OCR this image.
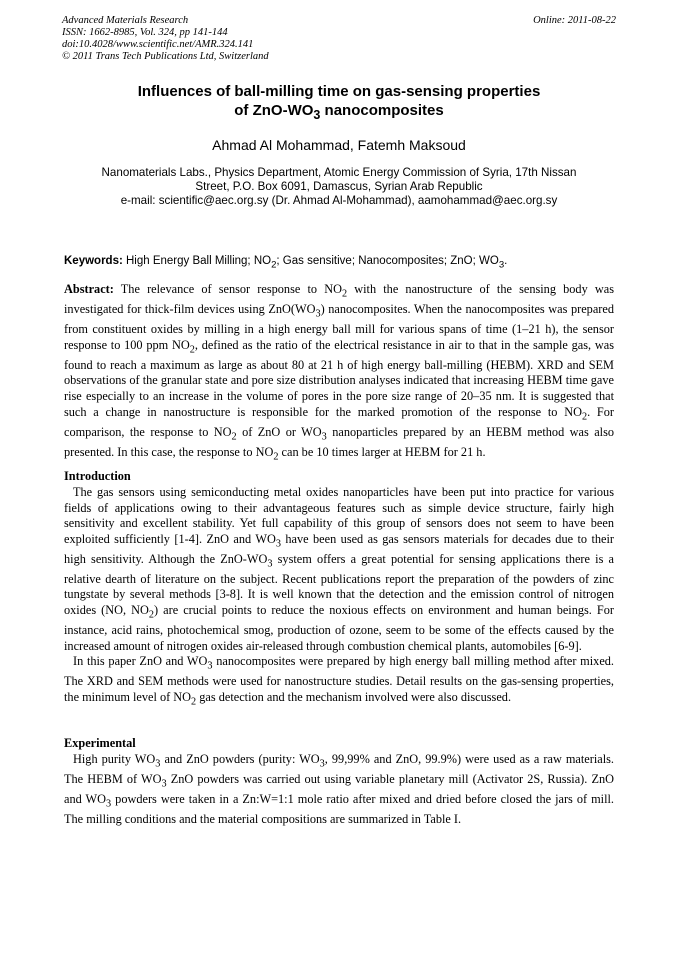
Advanced Materials Research
ISSN: 1662-8985, Vol. 324, pp 141-144
doi:10.4028/www.scientific.net/AMR.324.141
© 2011 Trans Tech Publications Ltd, Switzerland
Online: 2011-08-22
Influences of ball-milling time on gas-sensing properties
of ZnO-$WO_3$ nanocomposites
Ahmad Al Mohammad, Fatemh Maksoud
Nanomaterials Labs., Physics Department, Atomic Energy Commission of Syria, 17th Nissan
Street, P.O. Box 6091, Damascus, Syrian Arab Republic
e-mail: scientific@aec.org.sy (Dr. Ahmad Al-Mohammad), aamohammad@aec.org.sy
Keywords: High Energy Ball Milling; $NO_2$; Gas sensitive; Nanocomposites; ZnO; $WO_3$.
Abstract: The relevance of sensor response to $NO_2$ with the nanostructure of the sensing body was investigated for thick-film devices using $ZnO(WO_3)$ nanocomposites. When the nanocomposites was prepared from constituent oxides by milling in a high energy ball mill for various spans of time (1–21 h), the sensor response to 100 ppm $NO_2$, defined as the ratio of the electrical resistance in air to that in the sample gas, was found to reach a maximum as large as about 80 at 21 h of high energy ball-milling (HEBM). XRD and SEM observations of the granular state and pore size distribution analyses indicated that increasing HEBM time gave rise especially to an increase in the volume of pores in the pore size range of 20–35 nm. It is suggested that such a change in nanostructure is responsible for the marked promotion of the response to $NO_2$. For comparison, the response to $NO_2$ of ZnO or $WO_3$ nanoparticles prepared by an HEBM method was also presented. In this case, the response to $NO_2$ can be 10 times larger at HEBM for 21 h.
Introduction

The gas sensors using semiconducting metal oxides nanoparticles have been put into practice for various fields of applications owing to their advantageous features such as simple device structure, fairly high sensitivity and excellent stability. Yet full capability of this group of sensors does not seem to have been exploited sufficiently [1-4]. ZnO and $WO_3$ have been used as gas sensors materials for decades due to their high sensitivity. Although the ZnO-$WO_3$ system offers a great potential for sensing applications there is a relative dearth of literature on the subject. Recent publications report the preparation of the powders of zinc tungstate by several methods [3-8]. It is well known that the detection and the emission control of nitrogen oxides (NO, $NO_2$) are crucial points to reduce the noxious effects on environment and human beings. For instance, acid rains, photochemical smog, production of ozone, seem to be some of the effects caused by the increased amount of nitrogen oxides air-released through combustion chemical plants, automobiles [6-9].

In this paper ZnO and $WO_3$ nanocomposites were prepared by high energy ball milling method after mixed. The XRD and SEM methods were used for nanostructure studies. Detail results on the gas-sensing properties, the minimum level of $NO_2$ gas detection and the mechanism involved were also discussed.

Experimental

High purity $WO_3$ and ZnO powders (purity: $WO_3$, 99,99% and ZnO, 99.9%) were used as a raw materials. The HEBM of $WO_3$ ZnO powders was carried out using variable planetary mill (Activator 2S, Russia). ZnO and $WO_3$ powders were taken in a Zn:W=1:1 mole ratio after mixed and dried before closed the jars of mill. The milling conditions and the material compositions are summarized in Table I.
